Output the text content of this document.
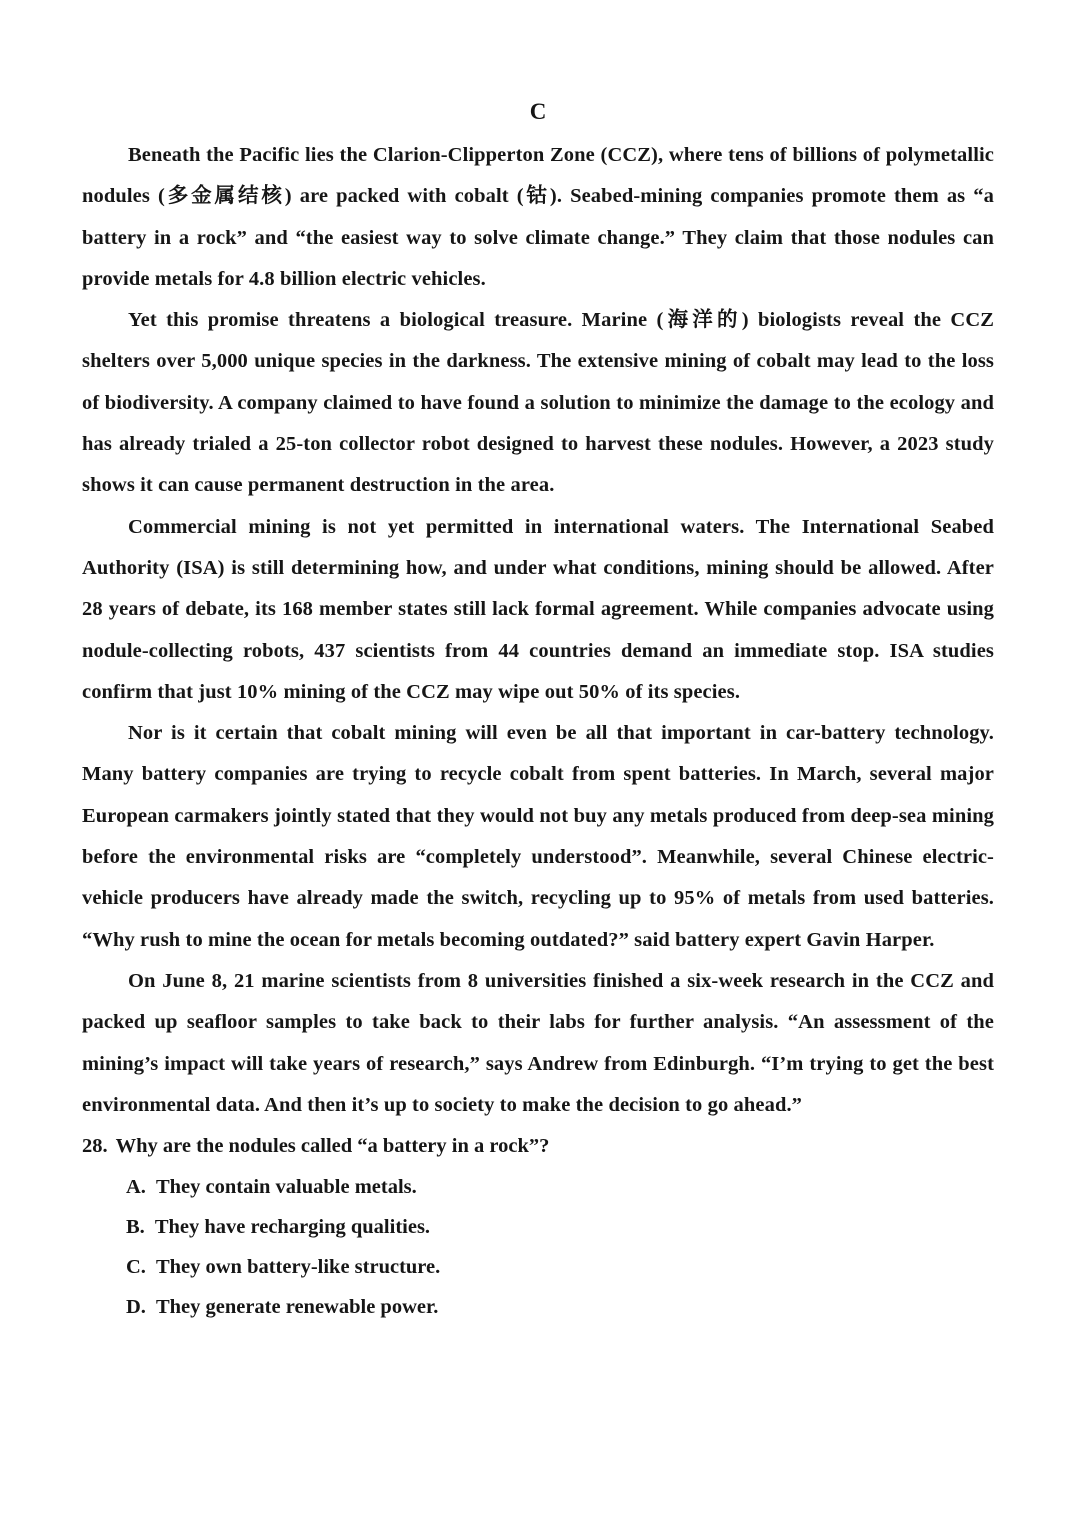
C

Beneath the Pacific lies the Clarion-Clipperton Zone (CCZ), where tens of billions of polymetallic nodules (多金属结核) are packed with cobalt (钴). Seabed-mining companies promote them as “a battery in a rock” and “the easiest way to solve climate change.” They claim that those nodules can provide metals for 4.8 billion electric vehicles.

Yet this promise threatens a biological treasure. Marine (海洋的) biologists reveal the CCZ shelters over 5,000 unique species in the darkness. The extensive mining of cobalt may lead to the loss of biodiversity. A company claimed to have found a solution to minimize the damage to the ecology and has already trialed a 25-ton collector robot designed to harvest these nodules. However, a 2023 study shows it can cause permanent destruction in the area.

Commercial mining is not yet permitted in international waters. The International Seabed Authority (ISA) is still determining how, and under what conditions, mining should be allowed. After 28 years of debate, its 168 member states still lack formal agreement. While companies advocate using nodule-collecting robots, 437 scientists from 44 countries demand an immediate stop. ISA studies confirm that just 10% mining of the CCZ may wipe out 50% of its species.

Nor is it certain that cobalt mining will even be all that important in car-battery technology. Many battery companies are trying to recycle cobalt from spent batteries. In March, several major European carmakers jointly stated that they would not buy any metals produced from deep-sea mining before the environmental risks are “completely understood”. Meanwhile, several Chinese electric-vehicle producers have already made the switch, recycling up to 95% of metals from used batteries. “Why rush to mine the ocean for metals becoming outdated?” said battery expert Gavin Harper.

On June 8, 21 marine scientists from 8 universities finished a six-week research in the CCZ and packed up seafloor samples to take back to their labs for further analysis. “An assessment of the mining’s impact will take years of research,” says Andrew from Edinburgh. “I’m trying to get the best environmental data. And then it’s up to society to make the decision to go ahead.”

28. Why are the nodules called “a battery in a rock”?
A. They contain valuable metals.
B. They have recharging qualities.
C. They own battery-like structure.
D. They generate renewable power.
